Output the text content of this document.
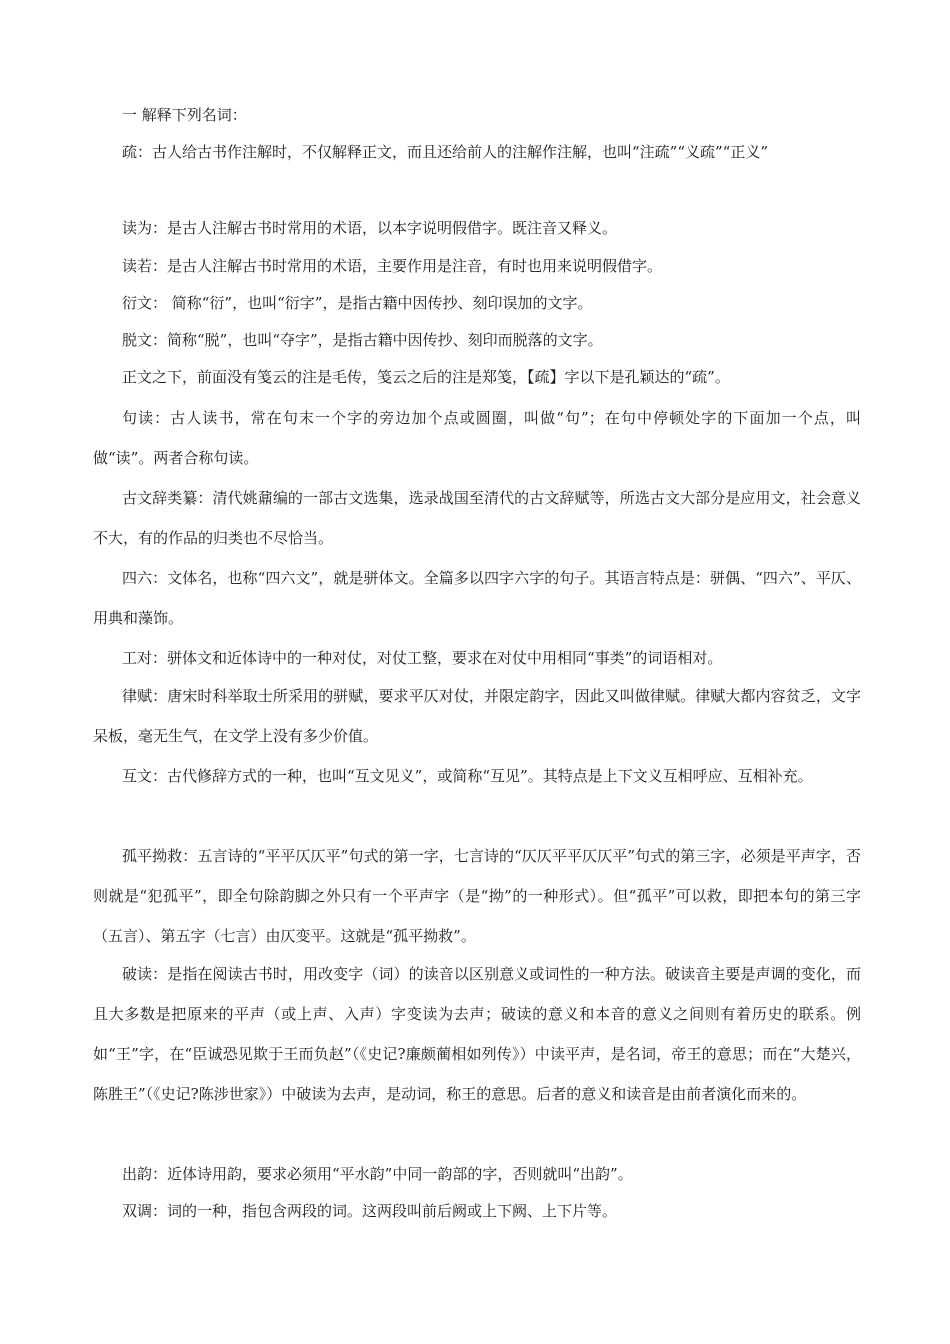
一 解释下列名词：

疏：古人给古书作注解时，不仅解释正文，而且还给前人的注解作注解，也叫“注疏”“义疏”“正义”

读为：是古人注解古书时常用的术语，以本字说明假借字。既注音又释义。

读若：是古人注解古书时常用的术语，主要作用是注音，有时也用来说明假借字。

衍文： 简称“衍”，也叫“衍字”，是指古籍中因传抄、刻印误加的文字。

脱文：简称“脱”，也叫“夺字”，是指古籍中因传抄、刻印而脱落的文字。

正文之下，前面没有笺云的注是毛传，笺云之后的注是郑笺，【疏】字以下是孔颖达的“疏”。

句读：古人读书，常在句末一个字的旁边加个点或圆圈，叫做“句”；在句中停顿处字的下面加一个点，叫做“读”。两者合称句读。

古文辞类纂：清代姚鼐编的一部古文选集，选录战国至清代的古文辞赋等，所选古文大部分是应用文，社会意义不大，有的作品的归类也不尽恰当。

四六：文体名，也称“四六文”，就是骈体文。全篇多以四字六字的句子。其语言特点是：骈偶、“四六”、平仄、用典和藻饰。

工对：骈体文和近体诗中的一种对仗，对仗工整，要求在对仗中用相同“事类”的词语相对。

律赋：唐宋时科举取士所采用的骈赋，要求平仄对仗，并限定韵字，因此又叫做律赋。律赋大都内容贫乏，文字呆板，毫无生气，在文学上没有多少价值。

互文：古代修辞方式的一种，也叫“互文见义”，或简称“互见”。其特点是上下文义互相呼应、互相补充。

孤平拗救：五言诗的“平平仄仄平”句式的第一字，七言诗的“仄仄平平仄仄平”句式的第三字，必须是平声字，否则就是“犯孤平”，即全句除韵脚之外只有一个平声字（是“拗”的一种形式）。但“孤平”可以救，即把本句的第三字（五言）、第五字（七言）由仄变平。这就是“孤平拗救”。

破读：是指在阅读古书时，用改变字（词）的读音以区别意义或词性的一种方法。破读音主要是声调的变化，而且大多数是把原来的平声（或上声、入声）字变读为去声；破读的意义和本音的意义之间则有着历史的联系。例如“王”字，在“臣诚恐见欺于王而负赵”（《史记?廉颇蔺相如列传》）中读平声，是名词，帝王的意思；而在“大楚兴，陈胜王”（《史记?陈涉世家》）中破读为去声，是动词，称王的意思。后者的意义和读音是由前者演化而来的。

出韵：近体诗用韵，要求必须用“平水韵”中同一韵部的字，否则就叫“出韵”。

双调：词的一种，指包含两段的词。这两段叫前后阙或上下阙、上下片等。
